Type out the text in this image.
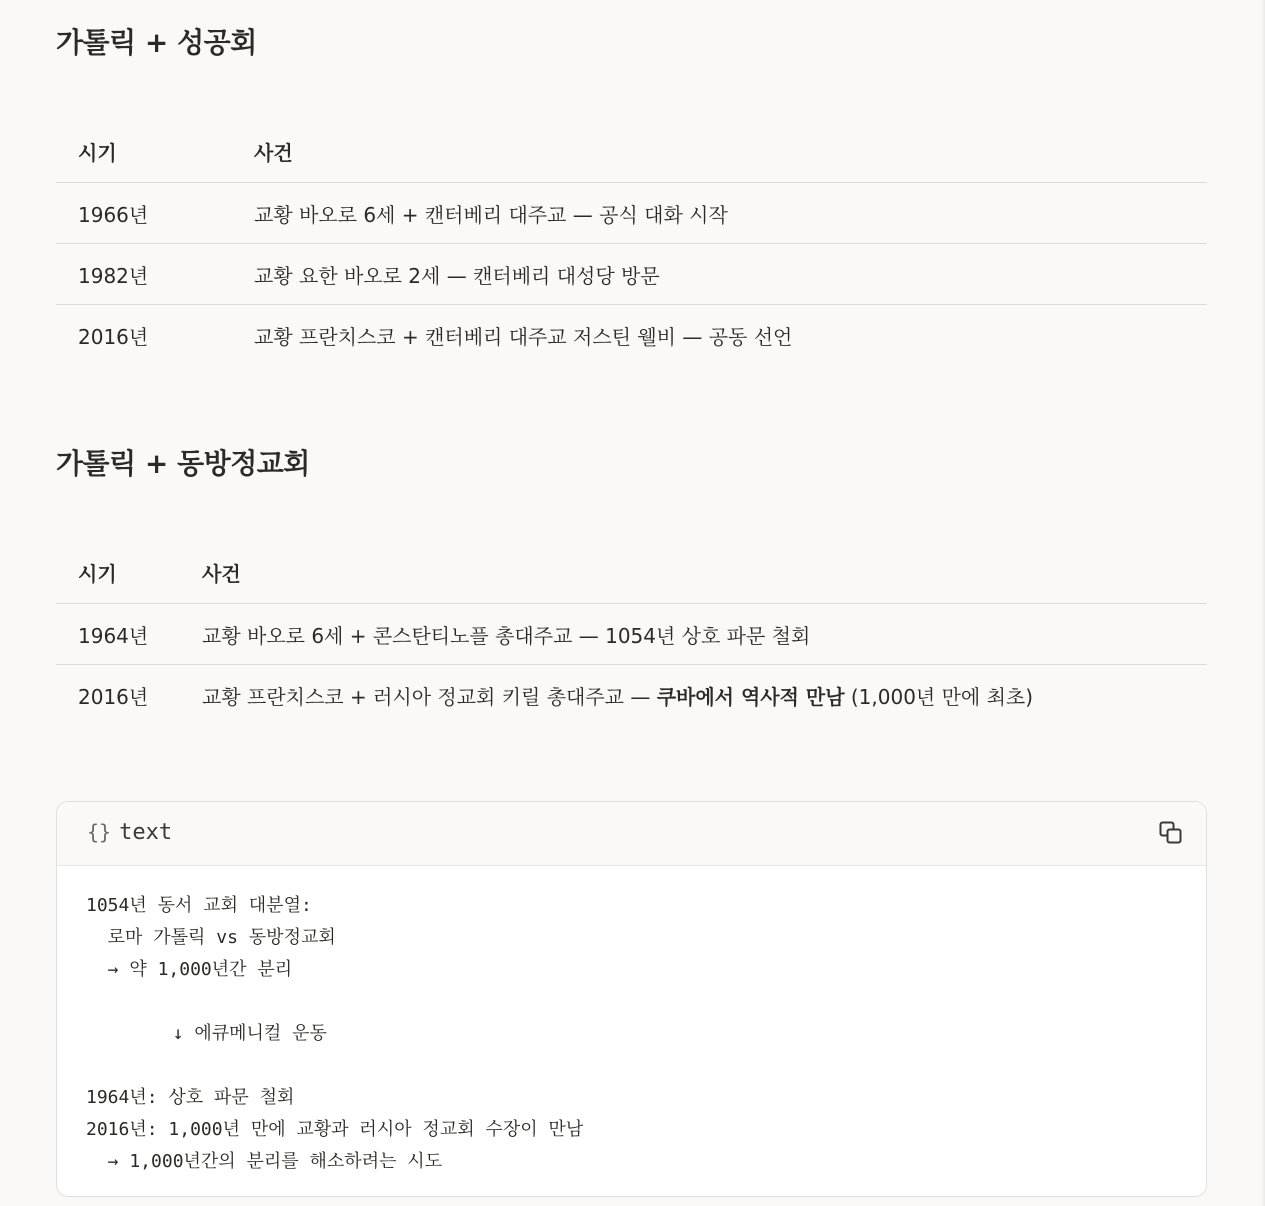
가톨릭 + 성공회
시기	사건
1966년	교황 바오로 6세 + 캔터베리 대주교 — 공식 대화 시작
1982년	교황 요한 바오로 2세 — 캔터베리 대성당 방문
2016년	교황 프란치스코 + 캔터베리 대주교 저스틴 웰비 — 공동 선언
가톨릭 + 동방정교회
시기	사건
1964년	교황 바오로 6세 + 콘스탄티노플 총대주교 — 1054년 상호 파문 철회
2016년	교황 프란치스코 + 러시아 정교회 키릴 총대주교 — 쿠바에서 역사적 만남 (1,000년 만에 최초)
{} text
1054년 동서 교회 대분열:
로마 가톨릭 vs 동방정교회
→ 약 1,000년간 분리

↓ 에큐메니컬 운동

1964년: 상호 파문 철회
2016년: 1,000년 만에 교황과 러시아 정교회 수장이 만남
→ 1,000년간의 분리를 해소하려는 시도
